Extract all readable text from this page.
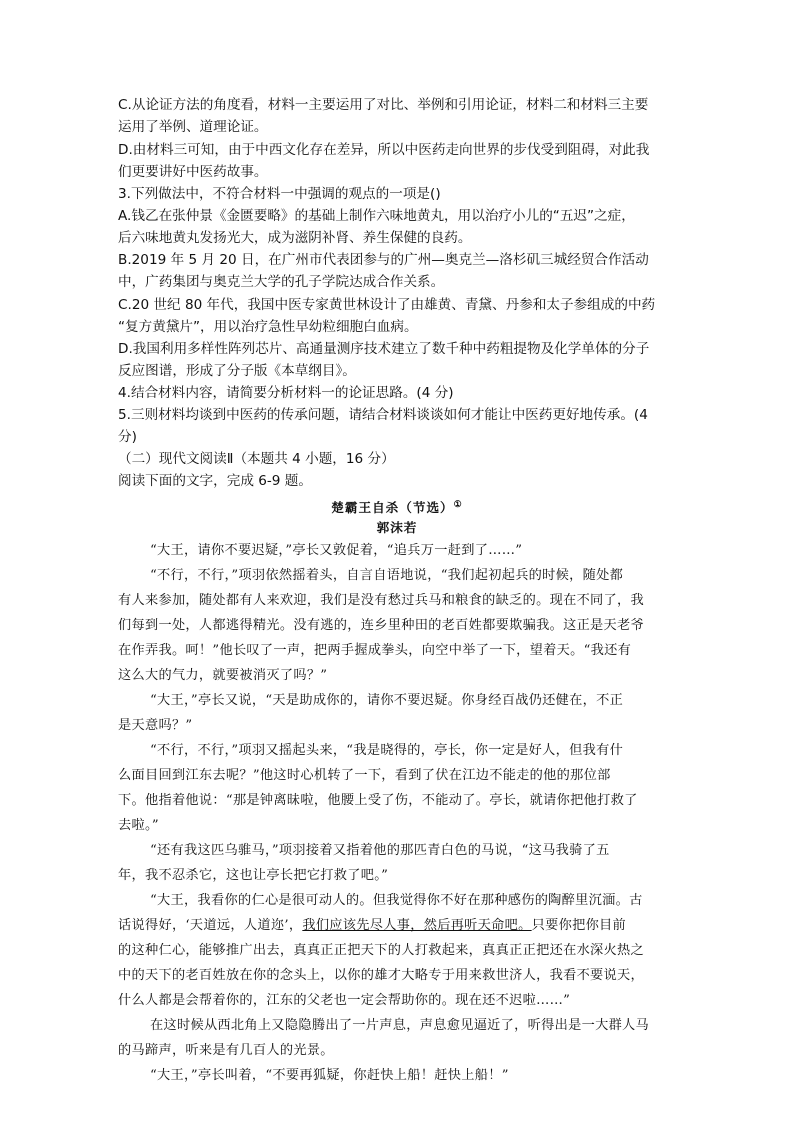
C.从论证方法的角度看，材料一主要运用了对比、举例和引用论证，材料二和材料三主要
运用了举例、道理论证。
D.由材料三可知，由于中西文化存在差异，所以中医药走向世界的步伐受到阻碍，对此我
们更要讲好中医药故事。
3.下列做法中，不符合材料一中强调的观点的一项是()
A.钱乙在张仲景《金匮要略》的基础上制作六味地黄丸，用以治疗小儿的“五迟”之症，
后六味地黄丸发扬光大，成为滋阴补肾、养生保健的良药。
B.2019 年 5 月 20 日，在广州市代表团参与的广州—奥克兰—洛杉矶三城经贸合作活动
中，广药集团与奥克兰大学的孔子学院达成合作关系。
C.20 世纪 80 年代，我国中医专家黄世林设计了由雄黄、青黛、丹参和太子参组成的中药
“复方黄黛片”，用以治疗急性早幼粒细胞白血病。
D.我国利用多样性阵列芯片、高通量测序技术建立了数千种中药粗提物及化学单体的分子
反应图谱，形成了分子版《本草纲目》。
4.结合材料内容，请简要分析材料一的论证思路。(4 分)
5.三则材料均谈到中医药的传承问题，请结合材料谈谈如何才能让中医药更好地传承。(4
分)
（二）现代文阅读Ⅱ（本题共 4 小题，16 分）
阅读下面的文字，完成 6-9 题。
楚霸王自杀（节选）①
郭沫若
“大王，请你不要迟疑，”亭长又敦促着，“追兵万一赶到了……”
“不行，不行，”项羽依然摇着头，自言自语地说，“我们起初起兵的时候，随处都
有人来参加，随处都有人来欢迎，我们是没有愁过兵马和粮食的缺乏的。现在不同了，我
们每到一处，人都逃得精光。没有逃的，连乡里种田的老百姓都要欺骗我。这正是天老爷
在作弄我。呵！”他长叹了一声，把两手握成拳头，向空中举了一下，望着天。“我还有
这么大的气力，就要被消灭了吗？”
“大王，”亭长又说，“天是助成你的，请你不要迟疑。你身经百战仍还健在，不正
是天意吗？”
“不行，不行，”项羽又摇起头来，“我是晓得的，亭长，你一定是好人，但我有什
么面目回到江东去呢？”他这时心机转了一下，看到了伏在江边不能走的他的那位部
下。他指着他说：“那是钟离昧啦，他腰上受了伤，不能动了。亭长，就请你把他打救了
去啦。”
“还有我这匹乌骓马，”项羽接着又指着他的那匹青白色的马说，“这马我骑了五
年，我不忍杀它，这也让亭长把它打救了吧。”
“大王，我看你的仁心是很可动人的。但我觉得你不好在那种感伤的陶醉里沉湎。古
话说得好，‘天道远，人道迩’，我们应该先尽人事，然后再听天命吧。只要你把你目前
的这种仁心，能够推广出去，真真正正把天下的人打救起来，真真正正把还在水深火热之
中的天下的老百姓放在你的念头上，以你的雄才大略专于用来救世济人，我看不要说天，
什么人都是会帮着你的，江东的父老也一定会帮助你的。现在还不迟啦……”
在这时候从西北角上又隐隐腾出了一片声息，声息愈见逼近了，听得出是一大群人马
的马蹄声，听来是有几百人的光景。
“大王，”亭长叫着，“不要再狐疑，你赶快上船！赶快上船！”
